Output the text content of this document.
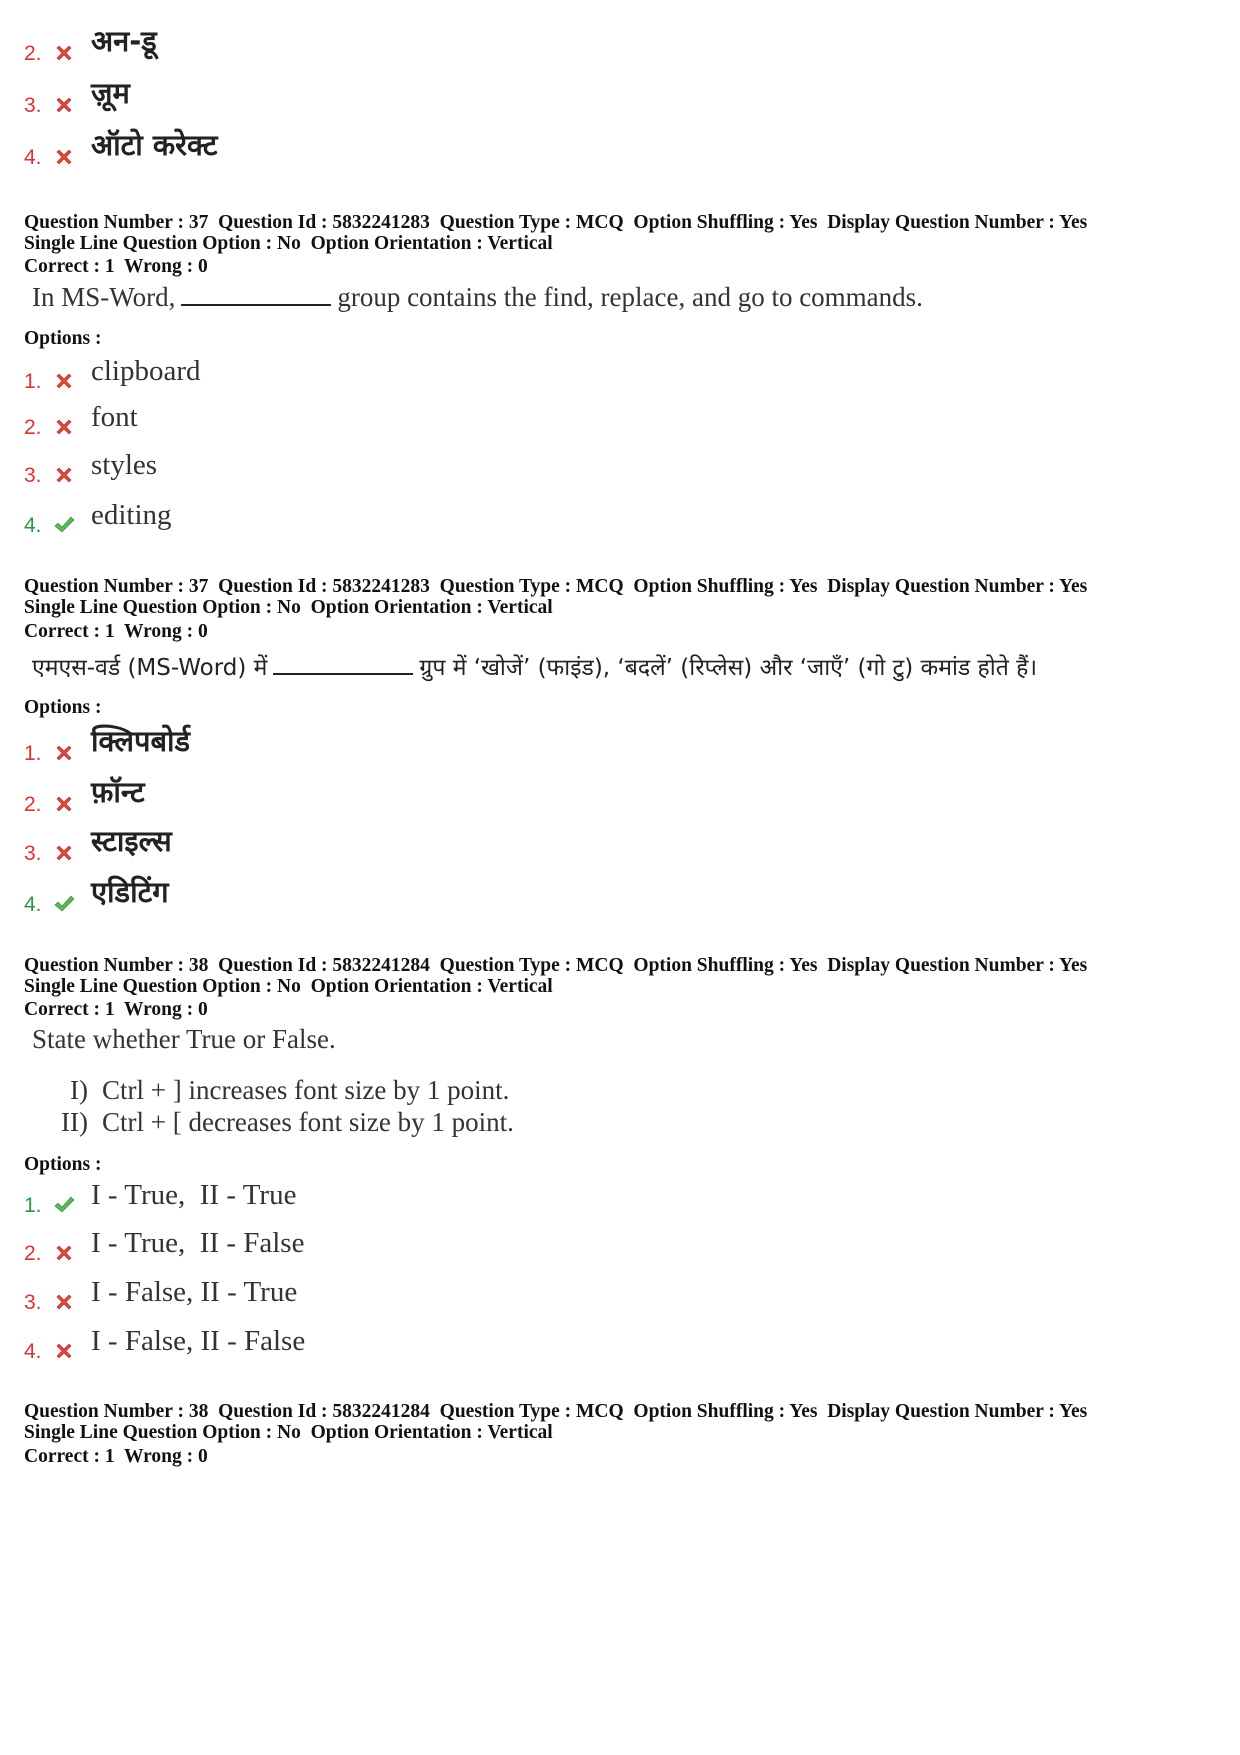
2. अन-डू
3. ज़ूम
4. ऑटो करेक्ट
Question Number : 37  Question Id : 5832241283  Question Type : MCQ  Option Shuffling : Yes  Display Question Number : Yes
Single Line Question Option : No  Option Orientation : Vertical
Correct : 1  Wrong : 0
In MS-Word,	group contains the find, replace, and go to commands.
Options :
1. clipboard
2. font
3. styles
4. editing
Question Number : 37  Question Id : 5832241283  Question Type : MCQ  Option Shuffling : Yes  Display Question Number : Yes
Single Line Question Option : No  Option Orientation : Vertical
Correct : 1  Wrong : 0
एमएस-वर्ड (MS-Word) में	ग्रुप में ‘खोजें’ (फाइंड), ‘बदलें’ (रिप्लेस) और ‘जाएँ’ (गो टु) कमांड होते हैं।
Options :
1. क्लिपबोर्ड
2. फ़ॉन्ट
3. स्टाइल्स
4. एडिटिंग
Question Number : 38  Question Id : 5832241284  Question Type : MCQ  Option Shuffling : Yes  Display Question Number : Yes
Single Line Question Option : No  Option Orientation : Vertical
Correct : 1  Wrong : 0
State whether True or False.
I) Ctrl + ] increases font size by 1 point.
II) Ctrl + [ decreases font size by 1 point.
Options :
1. I - True,  II - True
2. I - True,  II - False
3. I - False, II - True
4. I - False, II - False
Question Number : 38  Question Id : 5832241284  Question Type : MCQ  Option Shuffling : Yes  Display Question Number : Yes
Single Line Question Option : No  Option Orientation : Vertical
Correct : 1  Wrong : 0
